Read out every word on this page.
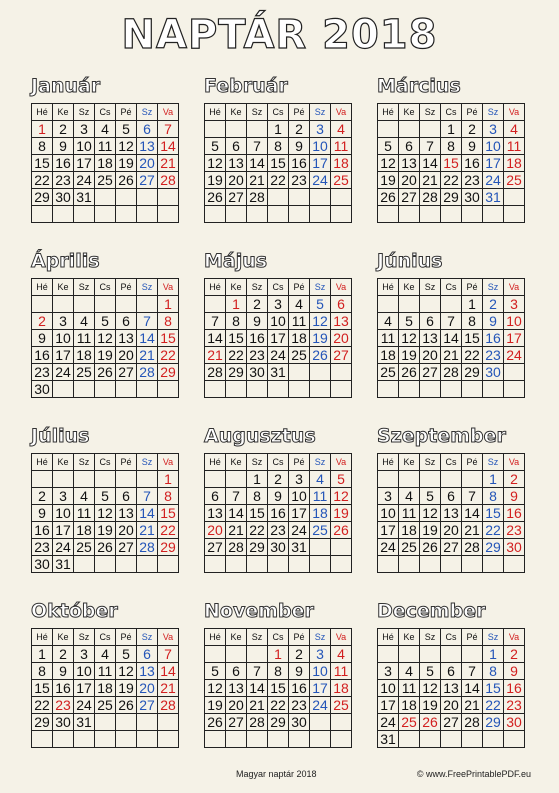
NAPTÁR 2018
Január
Hé	Ke	Sz	Cs	Pé	Sz	Va
1	2	3	4	5	6	7
8	9	10	11	12	13	14
15	16	17	18	19	20	21
22	23	24	25	26	27	28
29	30	31				

Február
Hé	Ke	Sz	Cs	Pé	Sz	Va
			1	2	3	4
5	6	7	8	9	10	11
12	13	14	15	16	17	18
19	20	21	22	23	24	25
26	27	28				

Március
Hé	Ke	Sz	Cs	Pé	Sz	Va
			1	2	3	4
5	6	7	8	9	10	11
12	13	14	15	16	17	18
19	20	21	22	23	24	25
26	27	28	29	30	31	

Április
Hé	Ke	Sz	Cs	Pé	Sz	Va
						1
2	3	4	5	6	7	8
9	10	11	12	13	14	15
16	17	18	19	20	21	22
23	24	25	26	27	28	29
30						
Május
Hé	Ke	Sz	Cs	Pé	Sz	Va
	1	2	3	4	5	6
7	8	9	10	11	12	13
14	15	16	17	18	19	20
21	22	23	24	25	26	27
28	29	30	31			

Június
Hé	Ke	Sz	Cs	Pé	Sz	Va
				1	2	3
4	5	6	7	8	9	10
11	12	13	14	15	16	17
18	19	20	21	22	23	24
25	26	27	28	29	30	

Július
Hé	Ke	Sz	Cs	Pé	Sz	Va
						1
2	3	4	5	6	7	8
9	10	11	12	13	14	15
16	17	18	19	20	21	22
23	24	25	26	27	28	29
30	31					
Augusztus
Hé	Ke	Sz	Cs	Pé	Sz	Va
		1	2	3	4	5
6	7	8	9	10	11	12
13	14	15	16	17	18	19
20	21	22	23	24	25	26
27	28	29	30	31		

Szeptember
Hé	Ke	Sz	Cs	Pé	Sz	Va
					1	2
3	4	5	6	7	8	9
10	11	12	13	14	15	16
17	18	19	20	21	22	23
24	25	26	27	28	29	30

Október
Hé	Ke	Sz	Cs	Pé	Sz	Va
1	2	3	4	5	6	7
8	9	10	11	12	13	14
15	16	17	18	19	20	21
22	23	24	25	26	27	28
29	30	31				

November
Hé	Ke	Sz	Cs	Pé	Sz	Va
			1	2	3	4
5	6	7	8	9	10	11
12	13	14	15	16	17	18
19	20	21	22	23	24	25
26	27	28	29	30		

December
Hé	Ke	Sz	Cs	Pé	Sz	Va
					1	2
3	4	5	6	7	8	9
10	11	12	13	14	15	16
17	18	19	20	21	22	23
24	25	26	27	28	29	30
31						
Magyar naptár 2018	© www.FreePrintablePDF.eu
